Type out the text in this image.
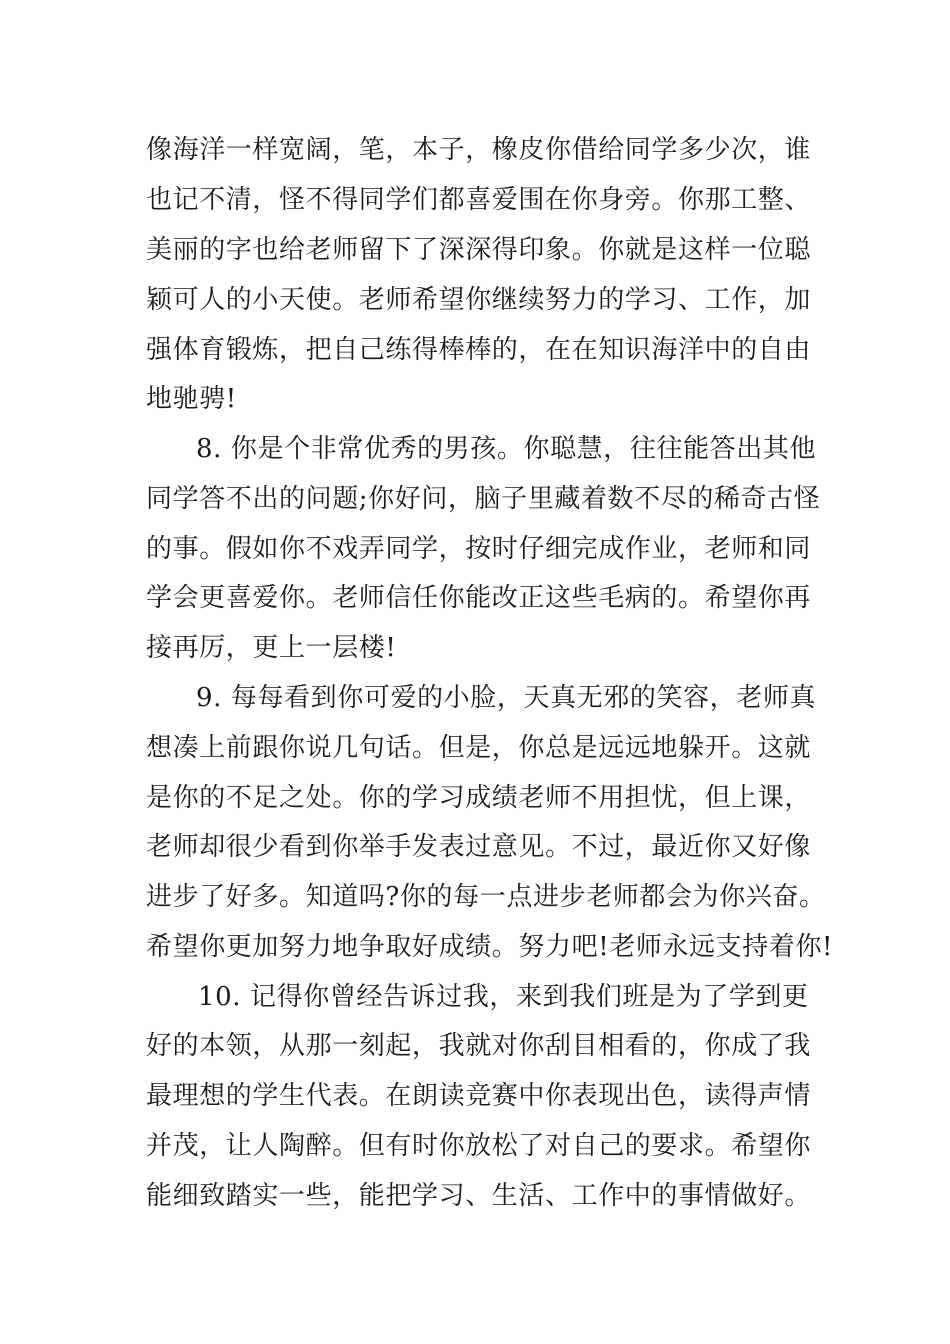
像海洋一样宽阔，笔，本子，橡皮你借给同学多少次，谁
也记不清，怪不得同学们都喜爱围在你身旁。你那工整、
美丽的字也给老师留下了深深得印象。你就是这样一位聪
颖可人的小天使。老师希望你继续努力的学习、工作，加
强体育锻炼，把自己练得棒棒的，在在知识海洋中的自由
地驰骋!
8. 你是个非常优秀的男孩。你聪慧，往往能答出其他
同学答不出的问题;你好问，脑子里藏着数不尽的稀奇古怪
的事。假如你不戏弄同学，按时仔细完成作业，老师和同
学会更喜爱你。老师信任你能改正这些毛病的。希望你再
接再厉，更上一层楼!
9. 每每看到你可爱的小脸，天真无邪的笑容，老师真
想凑上前跟你说几句话。但是，你总是远远地躲开。这就
是你的不足之处。你的学习成绩老师不用担忧，但上课，
老师却很少看到你举手发表过意见。不过，最近你又好像
进步了好多。知道吗?你的每一点进步老师都会为你兴奋。
希望你更加努力地争取好成绩。努力吧!老师永远支持着你!
10. 记得你曾经告诉过我，来到我们班是为了学到更
好的本领，从那一刻起，我就对你刮目相看的，你成了我
最理想的学生代表。在朗读竞赛中你表现出色，读得声情
并茂，让人陶醉。但有时你放松了对自己的要求。希望你
能细致踏实一些，能把学习、生活、工作中的事情做好。
